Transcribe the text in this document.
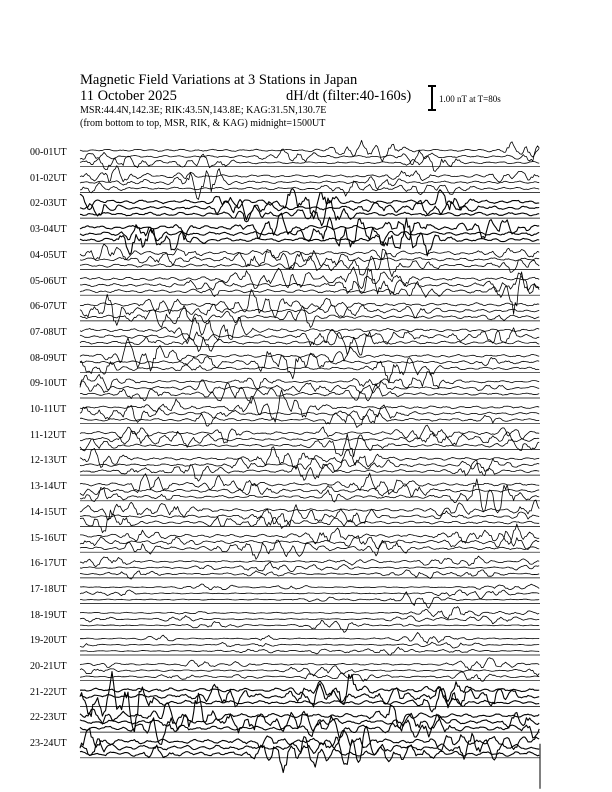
Magnetic Field Variations at 3 Stations in Japan
11 October 2025	dH/dt (filter:40-160s)
MSR:44.4N,142.3E; RIK:43.5N,143.8E; KAG:31.5N,130.7E
(from bottom to top, MSR, RIK, & KAG) midnight=1500UT
1.00 nT at T=80s
00-01UT
01-02UT
02-03UT
03-04UT
04-05UT
05-06UT
06-07UT
07-08UT
08-09UT
09-10UT
10-11UT
11-12UT
12-13UT
13-14UT
14-15UT
15-16UT
16-17UT
17-18UT
18-19UT
19-20UT
20-21UT
21-22UT
22-23UT
23-24UT
